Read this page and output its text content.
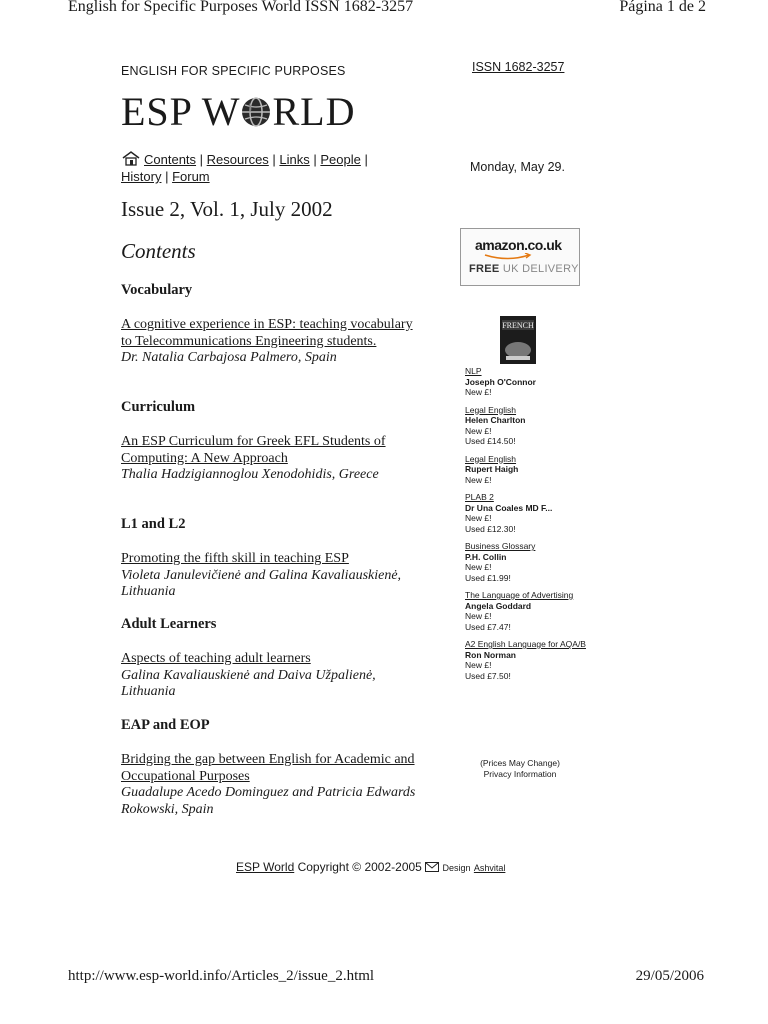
English for Specific Purposes World ISSN 1682-3257	Página 1 de 2
ENGLISH FOR SPECIFIC PURPOSES	ISSN 1682-3257
ESP W RLD
Contents | Resources | Links | People |
History | Forum
Monday, May 29.
Issue 2, Vol. 1, July 2002
Contents
Vocabulary
A cognitive experience in ESP: teaching vocabulary to Telecommunications Engineering students.
Dr. Natalia Carbajosa Palmero, Spain
Curriculum
An ESP Curriculum for Greek EFL Students of Computing: A New Approach
Thalia Hadzigiannoglou Xenodohidis, Greece
L1 and L2
Promoting the fifth skill in teaching ESP
Violeta Janulevičienė and Galina Kavaliauskienė, Lithuania
Adult Learners
Aspects of teaching adult learners
Galina Kavaliauskienė and Daiva Užpalienė, Lithuania
EAP and EOP
Bridging the gap between English for Academic and Occupational Purposes
Guadalupe Acedo Dominguez and Patricia Edwards Rokowski, Spain
amazon.co.uk
FREE UK DELIVERY
FRENCH
NLP
Joseph O'Connor
New £!
Legal English
Helen Charlton
New £!
Used £14.50!
Legal English
Rupert Haigh
New £!
PLAB 2
Dr Una Coales MD F...
New £!
Used £12.30!
Business Glossary
P.H. Collin
New £!
Used £1.99!
The Language of Advertising
Angela Goddard
New £!
Used £7.47!
A2 English Language for AQA/B
Ron Norman
New £!
Used £7.50!
(Prices May Change)
Privacy Information
ESP World Copyright © 2002-2005  Design Ashvital
http://www.esp-world.info/Articles_2/issue_2.html	29/05/2006
